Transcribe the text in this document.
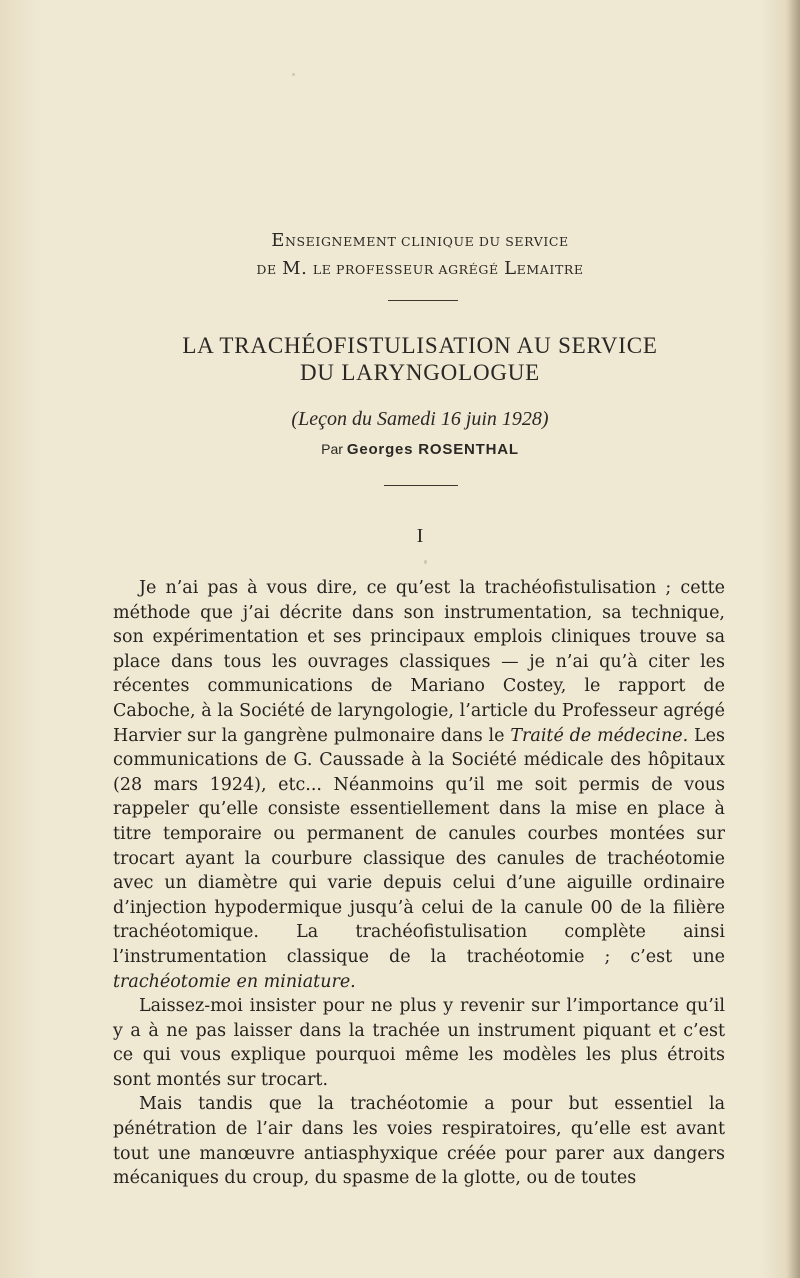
ENSEIGNEMENT CLINIQUE DU SERVICE
DE M. LE PROFESSEUR AGRÉGÉ LEMAITRE
LA TRACHÉOFISTULISATION AU SERVICE
DU LARYNGOLOGUE
(Leçon du Samedi 16 juin 1928)
Par Georges ROSENTHAL
I

Je n’ai pas à vous dire, ce qu’est la trachéofistulisation ; cette méthode que j’ai décrite dans son instrumentation, sa technique, son expérimentation et ses principaux emplois cliniques trouve sa place dans tous les ouvrages classiques — je n’ai qu’à citer les récentes communications de Mariano Costey, le rapport de Caboche, à la Société de laryngologie, l’article du Professeur agrégé Harvier sur la gangrène pulmonaire dans le Traité de médecine. Les communications de G. Caussade à la Société médicale des hôpitaux (28 mars 1924), etc... Néanmoins qu’il me soit permis de vous rappeler qu’elle consiste essentiellement dans la mise en place à titre temporaire ou permanent de canules courbes montées sur trocart ayant la courbure classique des canules de trachéotomie avec un diamètre qui varie depuis celui d’une aiguille ordinaire d’injection hypodermique jusqu’à celui de la canule 00 de la filière trachéotomique. La trachéofistulisation complète ainsi l’instrumentation classique de la trachéotomie ; c’est une trachéotomie en miniature.

Laissez-moi insister pour ne plus y revenir sur l’importance qu’il y a à ne pas laisser dans la trachée un instrument piquant et c’est ce qui vous explique pourquoi même les modèles les plus étroits sont montés sur trocart.

Mais tandis que la trachéotomie a pour but essentiel la pénétration de l’air dans les voies respiratoires, qu’elle est avant tout une manœuvre antiasphyxique créée pour parer aux dangers mécaniques du croup, du spasme de la glotte, ou de toutes
